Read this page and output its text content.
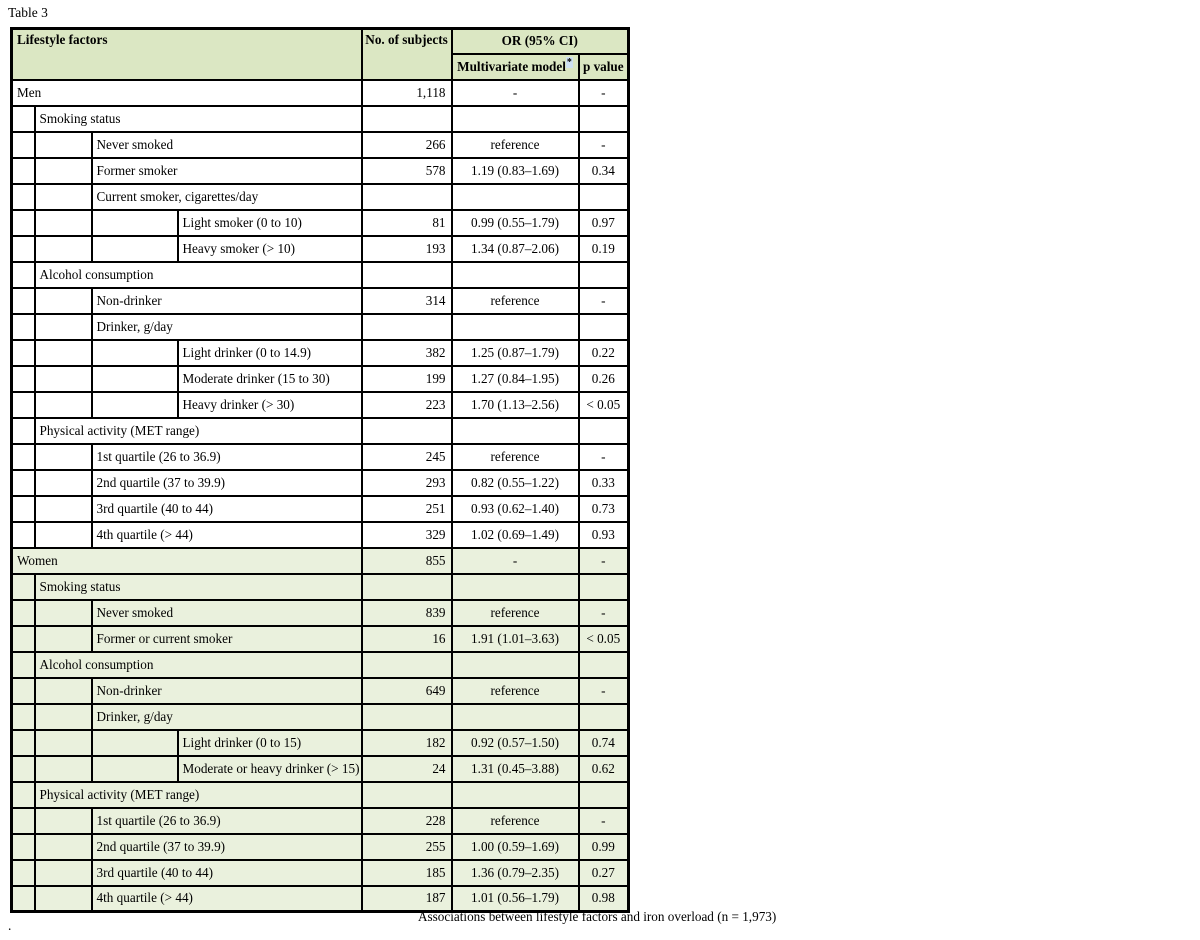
Table 3
Lifestyle factors				No. of subjects	OR (95% CI)	
					Multivariate model*	p value
Men				1,118	-	-
	Smoking status					
		Never smoked		266	reference	-
		Former smoker		578	1.19 (0.83–1.69)	0.34
		Current smoker, cigarettes/day				
			Light smoker (0 to 10)	81	0.99 (0.55–1.79)	0.97
			Heavy smoker (> 10)	193	1.34 (0.87–2.06)	0.19
	Alcohol consumption					
		Non-drinker		314	reference	-
		Drinker, g/day				
			Light drinker (0 to 14.9)	382	1.25 (0.87–1.79)	0.22
			Moderate drinker (15 to 30)	199	1.27 (0.84–1.95)	0.26
			Heavy drinker (> 30)	223	1.70 (1.13–2.56)	< 0.05
	Physical activity (MET range)					
		1st quartile (26 to 36.9)		245	reference	-
		2nd quartile (37 to 39.9)		293	0.82 (0.55–1.22)	0.33
		3rd quartile (40 to 44)		251	0.93 (0.62–1.40)	0.73
		4th quartile (> 44)		329	1.02 (0.69–1.49)	0.93
Women				855	-	-
	Smoking status					
		Never smoked		839	reference	-
		Former or current smoker		16	1.91 (1.01–3.63)	< 0.05
	Alcohol consumption					
		Non-drinker		649	reference	-
		Drinker, g/day				
			Light drinker (0 to 15)	182	0.92 (0.57–1.50)	0.74
			Moderate or heavy drinker (> 15)	24	1.31 (0.45–3.88)	0.62
	Physical activity (MET range)					
		1st quartile (26 to 36.9)		228	reference	-
		2nd quartile (37 to 39.9)		255	1.00 (0.59–1.69)	0.99
		3rd quartile (40 to 44)		185	1.36 (0.79–2.35)	0.27
		4th quartile (> 44)		187	1.01 (0.56–1.79)	0.98
Associations between lifestyle factors and iron overload (n = 1,973)
.
